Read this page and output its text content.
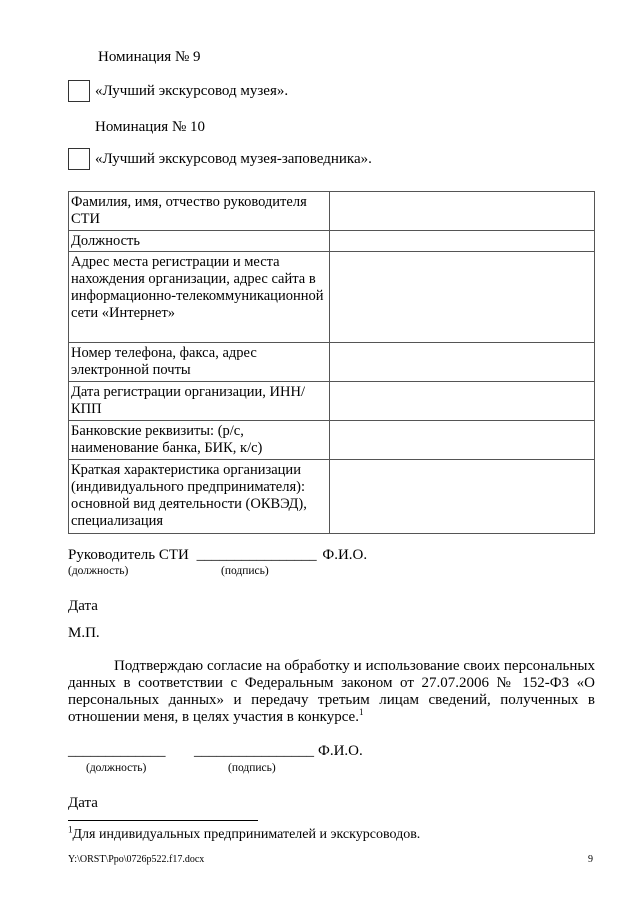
Номинация № 9
«Лучший экскурсовод музея».
Номинация № 10
«Лучший экскурсовод музея-заповедника».
Фамилия, имя, отчество руководителя СТИ	
Должность	
Адрес места регистрации и места нахождения организации, адрес сайта в информационно-телекоммуникационной сети «Интернет»	
Номер телефона, факса, адрес электронной почты	
Дата регистрации организации, ИНН/КПП	
Банковские реквизиты: (р/с, наименование банка, БИК, к/с)	
Краткая характеристика организации (индивидуального предпринимателя): основной вид деятельности (ОКВЭД), специализация	
Руководитель СТИ ________________ Ф.И.О.
(должность)	(подпись)
Дата
М.П.
Подтверждаю согласие на обработку и использование своих персональных данных в соответствии с Федеральным законом от 27.07.2006 № 152-ФЗ «О персональных данных» и передачу третьим лицам сведений, полученных в отношении меня, в целях участия в конкурсе.$^1$
_____________ ________________ Ф.И.О.
(должность)	(подпись)
Дата
$^1$Для индивидуальных предпринимателей и экскурсоводов.
Y:\ORST\Ppo\0726p522.f17.docx	9
